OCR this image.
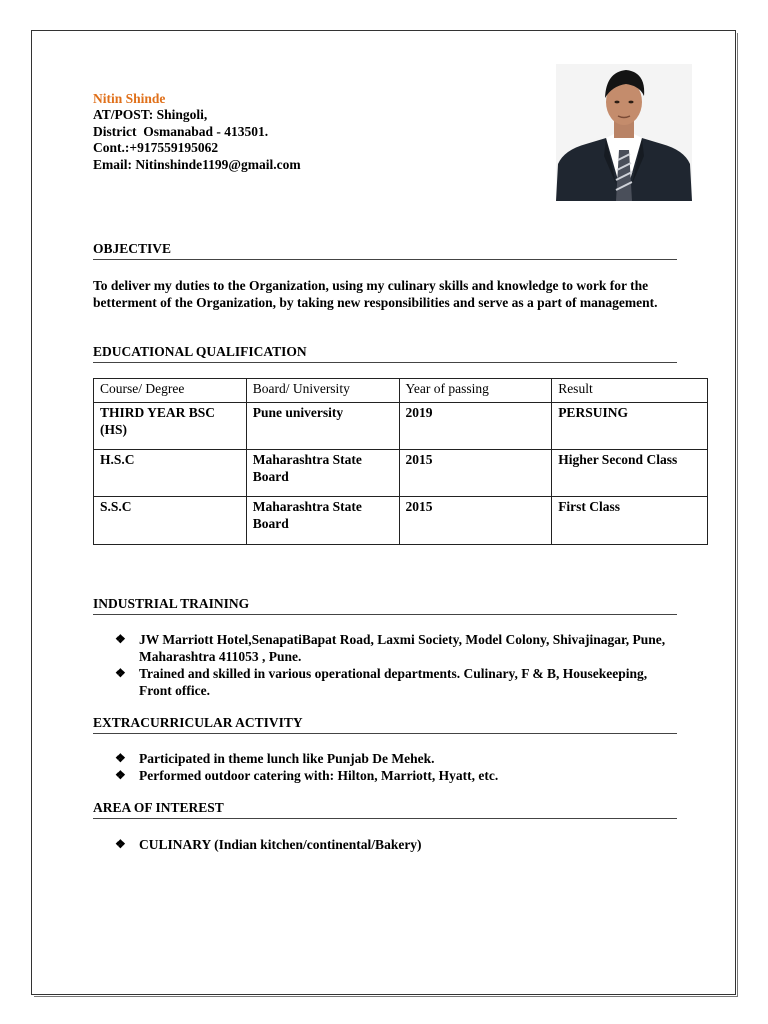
Nitin Shinde
AT/POST: Shingoli,
District  Osmanabad - 413501.
Cont.:+917559195062
Email: Nitinshinde1199@gmail.com
OBJECTIVE
To deliver my duties to the Organization, using my culinary skills and knowledge to work for the betterment of the Organization, by taking new responsibilities and serve as a part of management.
EDUCATIONAL QUALIFICATION
Course/ Degree	Board/ University	Year of passing	Result
THIRD YEAR BSC (HS)	Pune university	2019	PERSUING
H.S.C	Maharashtra State Board	2015	Higher Second Class
S.S.C	Maharashtra State Board	2015	First Class
INDUSTRIAL TRAINING
❖ JW Marriott Hotel,SenapatiBapat Road, Laxmi Society, Model Colony, Shivajinagar, Pune, Maharashtra 411053 , Pune.
❖ Trained and skilled in various operational departments. Culinary, F & B, Housekeeping, Front office.
EXTRACURRICULAR ACTIVITY
❖ Participated in theme lunch like Punjab De Mehek.
❖ Performed outdoor catering with: Hilton, Marriott, Hyatt, etc.
AREA OF INTEREST
❖ CULINARY (Indian kitchen/continental/Bakery)
